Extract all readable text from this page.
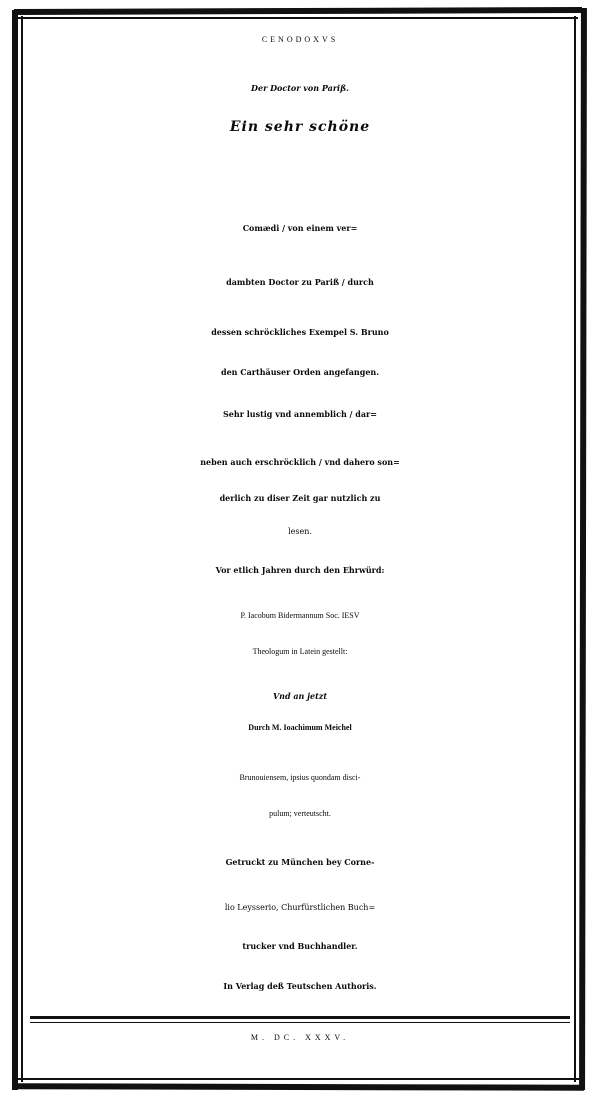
CENODOXVS
Der Doctor von Pariß.
Ein sehr schöne
Comædi / von einem ver=
dambten Doctor zu Pariß / durch
dessen schröckliches Exempel S. Bruno
den Carthäuser Orden angefangen.
Sehr lustig vnd annemblich / dar=
neben auch erschröcklich / vnd dahero son=
derlich zu diser Zeit gar nutzlich zu
lesen.
Vor etlich Jahren durch den Ehrwürd:
P. Iacobum Bidermannum Soc. IESV
Theologum in Latein gestellt:
Vnd an jetzt
Durch M. Ioachimum Meichel
Brunouiensem, ipsius quondam disci-
pulum; verteutscht.
Getruckt zu München bey Corne-
lio Leysserio, Churfürstlichen Buch=
trucker vnd Buchhandler.
In Verlag deß Teutschen Authoris.
M. DC. XXXV.
